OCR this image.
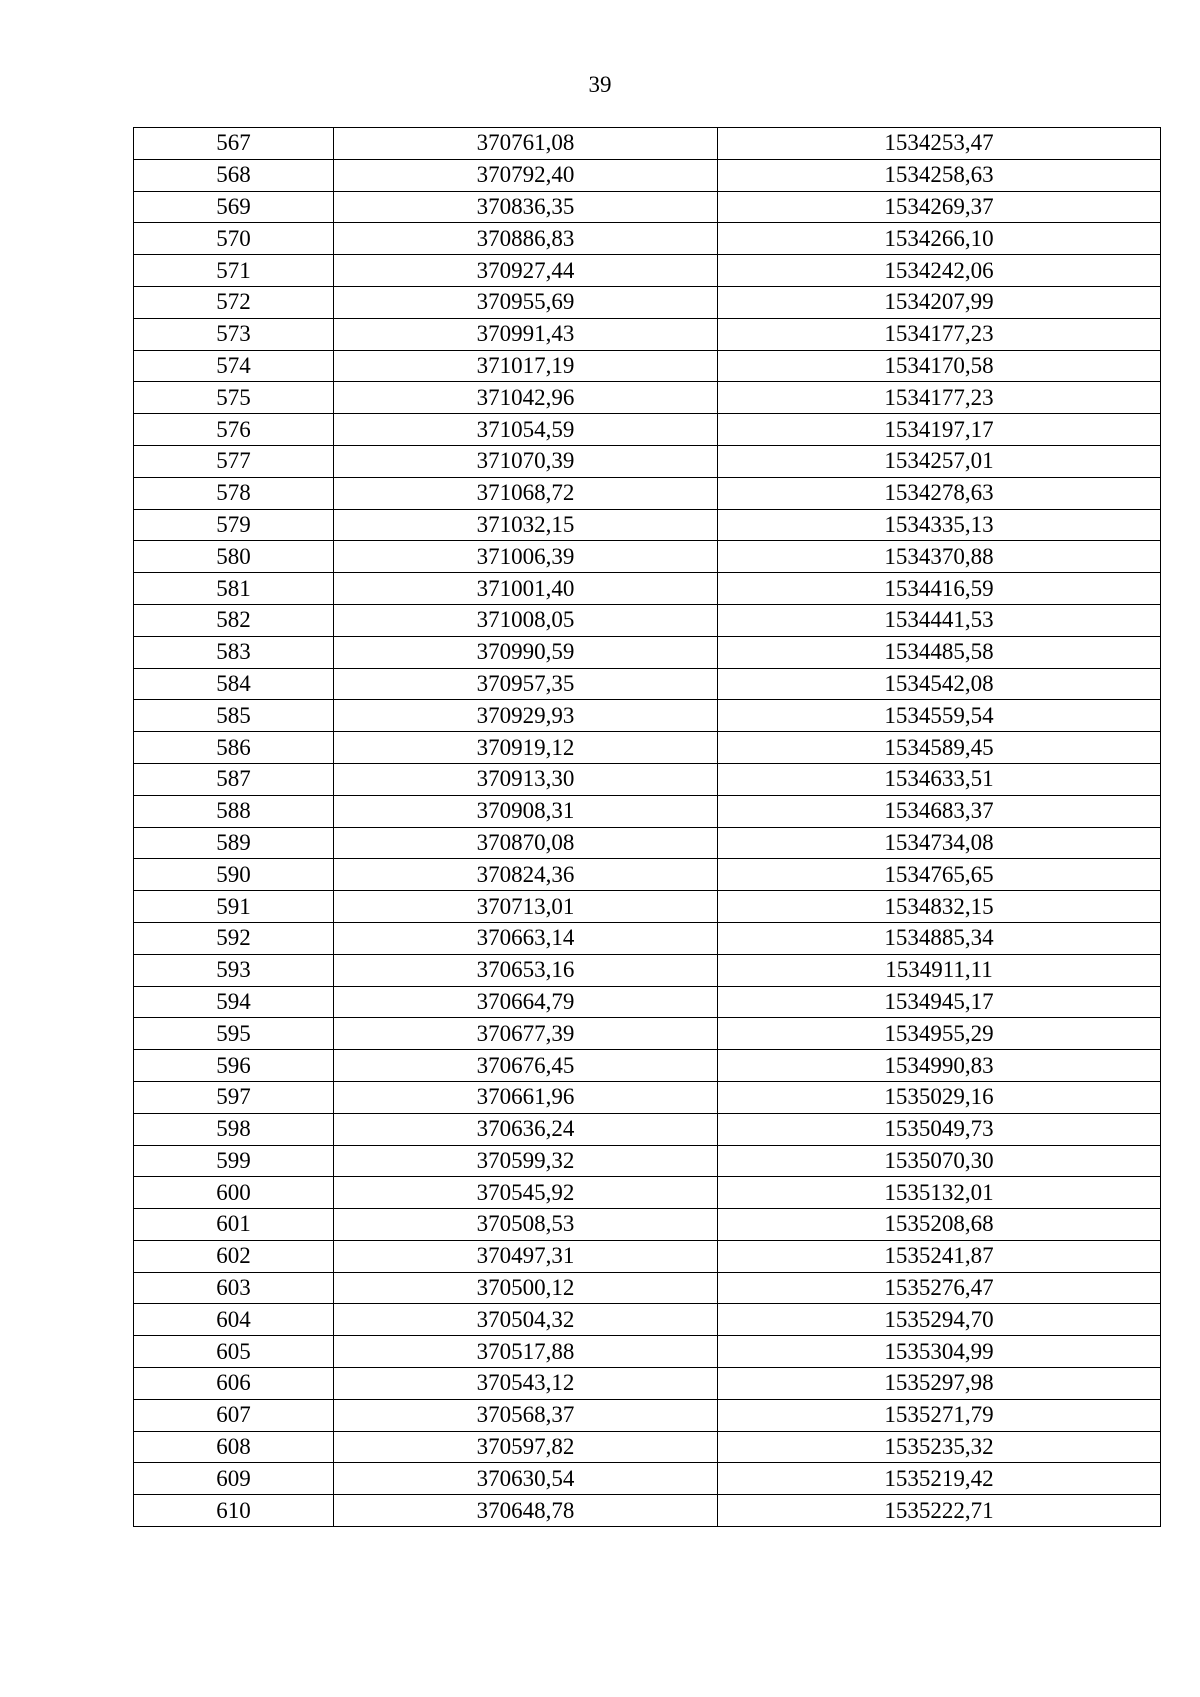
39
567	370761,08	1534253,47
568	370792,40	1534258,63
569	370836,35	1534269,37
570	370886,83	1534266,10
571	370927,44	1534242,06
572	370955,69	1534207,99
573	370991,43	1534177,23
574	371017,19	1534170,58
575	371042,96	1534177,23
576	371054,59	1534197,17
577	371070,39	1534257,01
578	371068,72	1534278,63
579	371032,15	1534335,13
580	371006,39	1534370,88
581	371001,40	1534416,59
582	371008,05	1534441,53
583	370990,59	1534485,58
584	370957,35	1534542,08
585	370929,93	1534559,54
586	370919,12	1534589,45
587	370913,30	1534633,51
588	370908,31	1534683,37
589	370870,08	1534734,08
590	370824,36	1534765,65
591	370713,01	1534832,15
592	370663,14	1534885,34
593	370653,16	1534911,11
594	370664,79	1534945,17
595	370677,39	1534955,29
596	370676,45	1534990,83
597	370661,96	1535029,16
598	370636,24	1535049,73
599	370599,32	1535070,30
600	370545,92	1535132,01
601	370508,53	1535208,68
602	370497,31	1535241,87
603	370500,12	1535276,47
604	370504,32	1535294,70
605	370517,88	1535304,99
606	370543,12	1535297,98
607	370568,37	1535271,79
608	370597,82	1535235,32
609	370630,54	1535219,42
610	370648,78	1535222,71
